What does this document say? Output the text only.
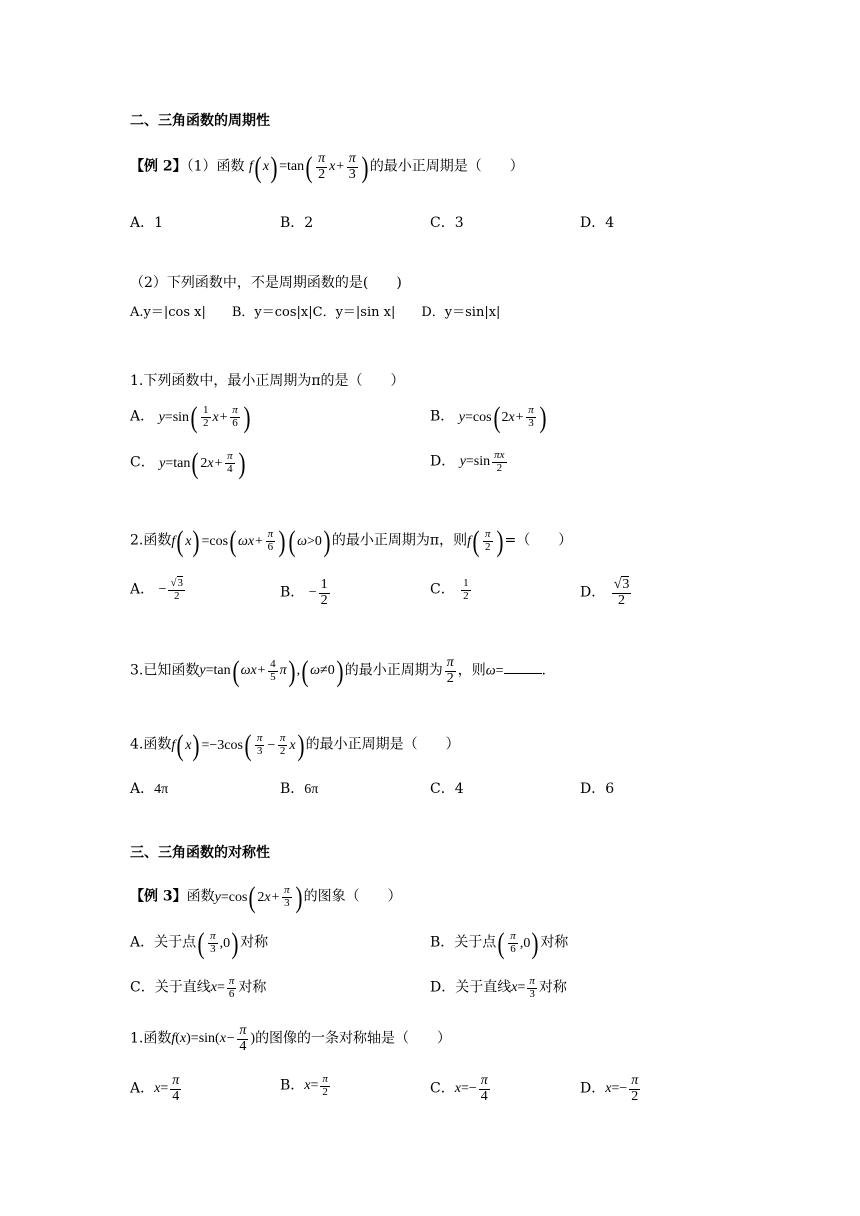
二、三角函数的周期性
【例 2】（1）函数 f( $x) =\tan( \frac{\pi}{2} x+ \frac{\pi}{3}$ ) 的最小正周期是（　　）
A．1	B．2	C．3	D．4
（2）下列函数中，不是周期函数的是(　　)
A.y＝|cos x|　　B．y＝cos|x|C．y＝|sin x|　　D．y＝sin|x|
1.下列函数中，最小正周期为π的是（　　）
A． $y=\sin( \frac{1}{2} x+ \frac{\pi}{6}$ )	B． y=cos( $2x+ \frac{\pi}{3}$ )
C． y=tan( $2x+ \frac{\pi}{4}$ )	D． $y=\sin \frac{\pi x}{2}$
2.函数f( x) =cos( $\omega x+ \frac{\pi}{6}$ ) ( ω>0) 的最小正周期为π，则$f( \frac{\pi}{2}$ ) =（　　）
A． − $\frac{√3}{2}$	B． − $\frac{1}{2}$	C． $\frac{1}{2}$	D． $\frac{√3}{2}$
3.已知函数y=tan( $\omega x+ \frac{4}{5} \pi$) ,( ω≠0) 的最小正周期为 $\frac{\pi}{2}$ ，则ω=	.
4.函数f( $x) =-3\cos( \frac{\pi}{3} - \frac{\pi}{2} x)$ 的最小正周期是（　　）
A．4π	B．6π	C．4	D．6
三、三角函数的对称性
【例 3】函数y=cos( $2x+ \frac{\pi}{3}$ ) 的图象（　　）
A．关于点( $\frac{\pi}{3} ,0$) 对称	B．关于点( $\frac{\pi}{6} ,0$) 对称
C．关于直线$x= \frac{\pi}{6}$ 对称	D．关于直线$x= \frac{\pi}{3}$ 对称
1.函数$f(x)=\sin(x- \frac{\pi}{4}$ )的图像的一条对称轴是（　　）
A．$x= \frac{\pi}{4}$	B．$x= \frac{\pi}{2}$	C．$x=- \frac{\pi}{4}$	D．$x=- \frac{\pi}{2}$
